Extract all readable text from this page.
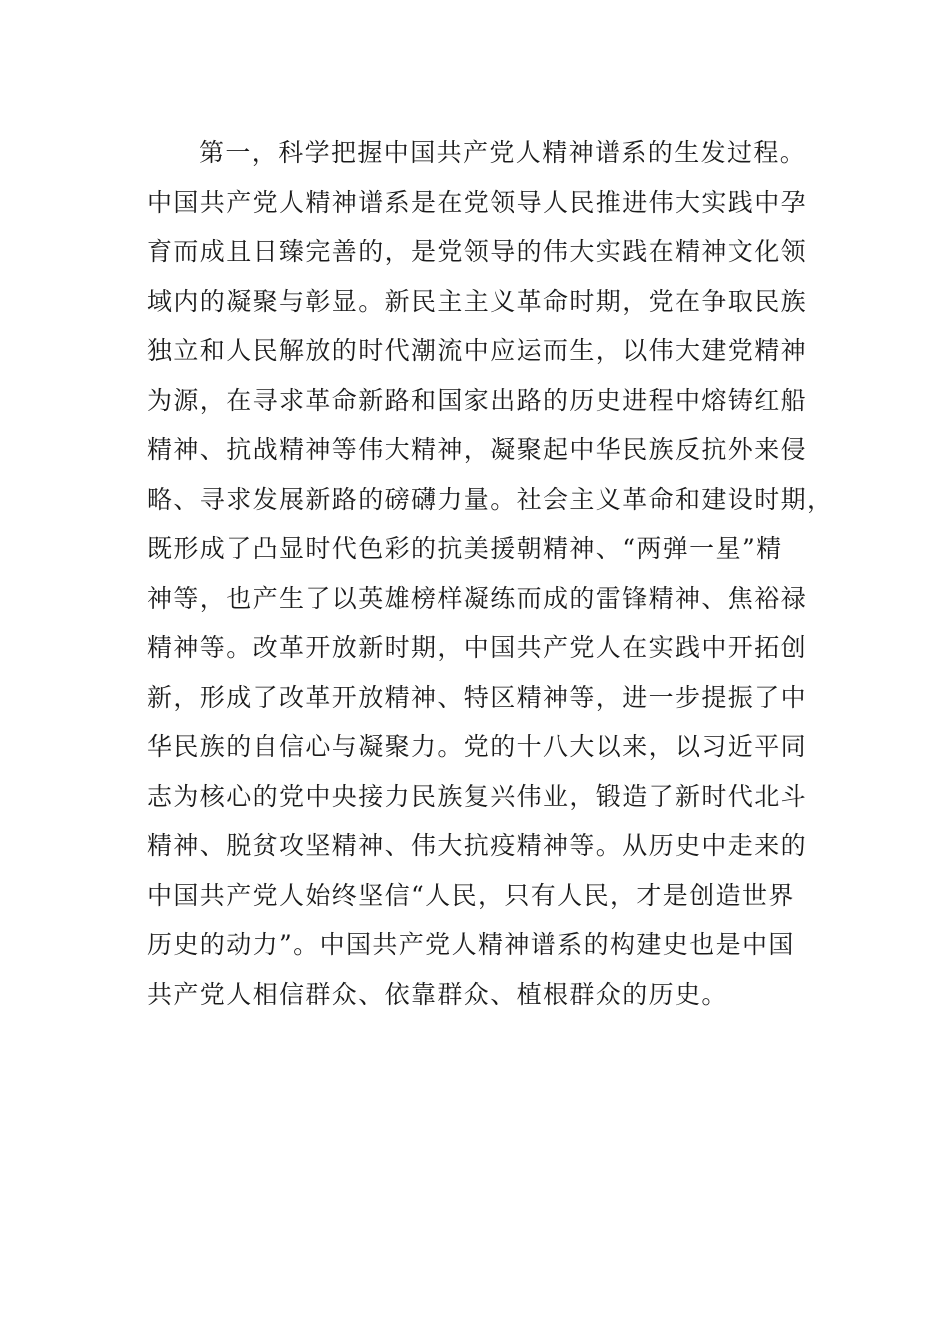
第一，科学把握中国共产党人精神谱系的生发过程。
中国共产党人精神谱系是在党领导人民推进伟大实践中孕
育而成且日臻完善的，是党领导的伟大实践在精神文化领
域内的凝聚与彰显。新民主主义革命时期，党在争取民族
独立和人民解放的时代潮流中应运而生，以伟大建党精神
为源，在寻求革命新路和国家出路的历史进程中熔铸红船
精神、抗战精神等伟大精神，凝聚起中华民族反抗外来侵
略、寻求发展新路的磅礴力量。社会主义革命和建设时期，
既形成了凸显时代色彩的抗美援朝精神、“两弹一星”精
神等，也产生了以英雄榜样凝练而成的雷锋精神、焦裕禄
精神等。改革开放新时期，中国共产党人在实践中开拓创
新，形成了改革开放精神、特区精神等，进一步提振了中
华民族的自信心与凝聚力。党的十八大以来，以习近平同
志为核心的党中央接力民族复兴伟业，锻造了新时代北斗
精神、脱贫攻坚精神、伟大抗疫精神等。从历史中走来的
中国共产党人始终坚信“人民，只有人民，才是创造世界
历史的动力”。中国共产党人精神谱系的构建史也是中国
共产党人相信群众、依靠群众、植根群众的历史。
